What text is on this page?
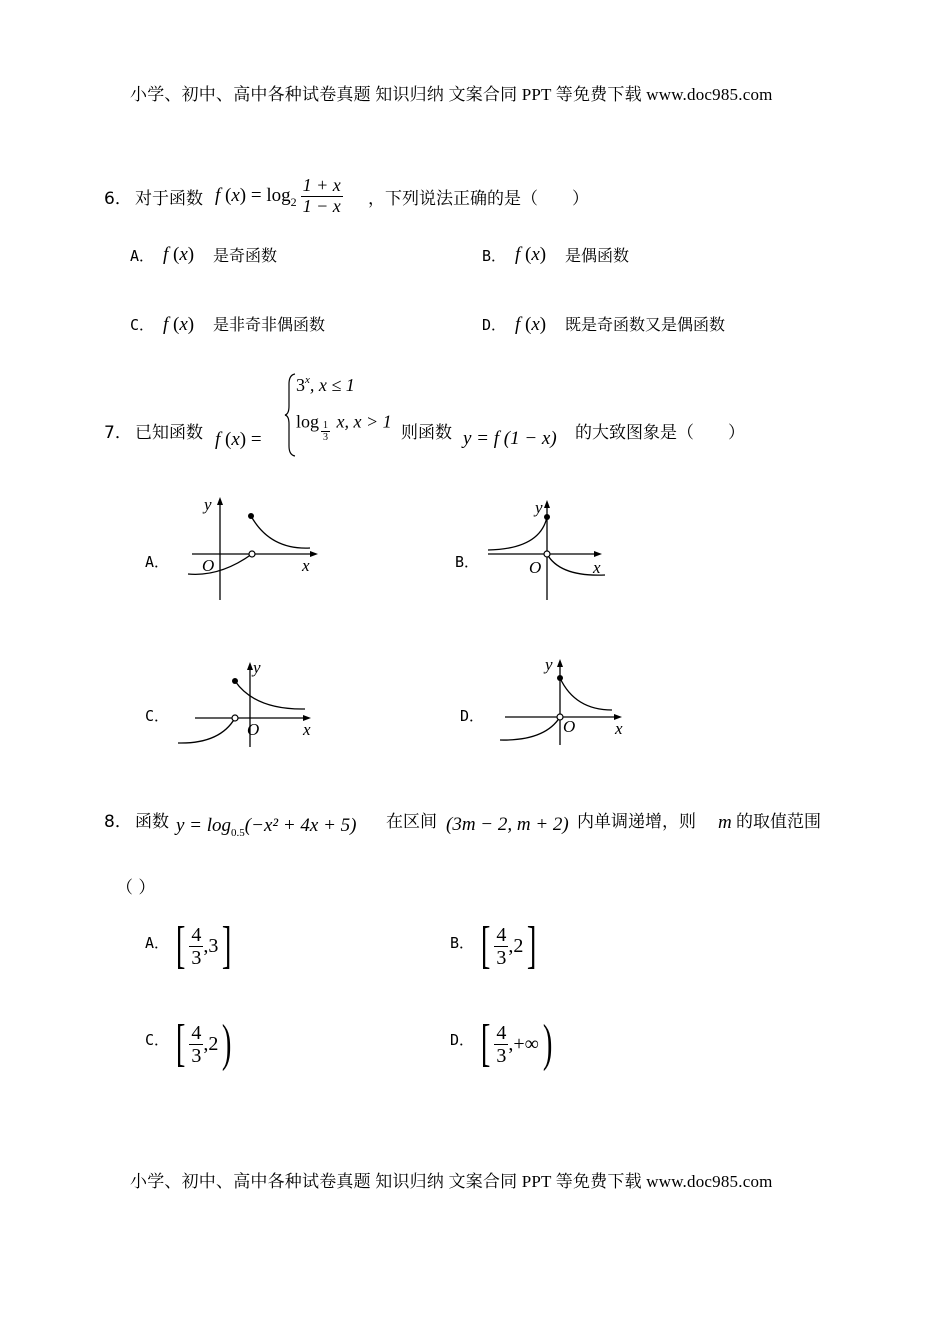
小学、初中、高中各种试卷真题 知识归纳 文案合同 PPT 等免费下载 www.doc985.com
6． 对于函数 f ( x ) = $\log 2 \frac{1 + x}{1 - x}$ ，下列说法正确的是（　　）
A． f (x) 是奇函数	B． f (x) 是偶函数
C． f (x) 是非奇非偶函数	D． f (x) 既是奇函数又是偶函数
7． 已知函数 f (x) =
$3^x$, x ≤ 1
$\log \frac{1}{3} x$, x > 1
则函数 y = f (1 − x) 的大致图象是（　　）
A．	B．
C．	D．
y
x
O
y
x
O
y
x
O
y
x
O
8． 函数 $y = \log_{0.5}(-x^2 + 4x + 5)$ 在区间 (3m − 2, m + 2) 内单调递增，则 m 的取值范围
（ ）
A． [ $\frac{4}{3} ,3$ ]	B． [ $\frac{4}{3} ,2$ ]
C． [ $\frac{4}{3} ,2$ )	D． [ $\frac{4}{3}$ ,+∞ )
小学、初中、高中各种试卷真题 知识归纳 文案合同 PPT 等免费下载 www.doc985.com
